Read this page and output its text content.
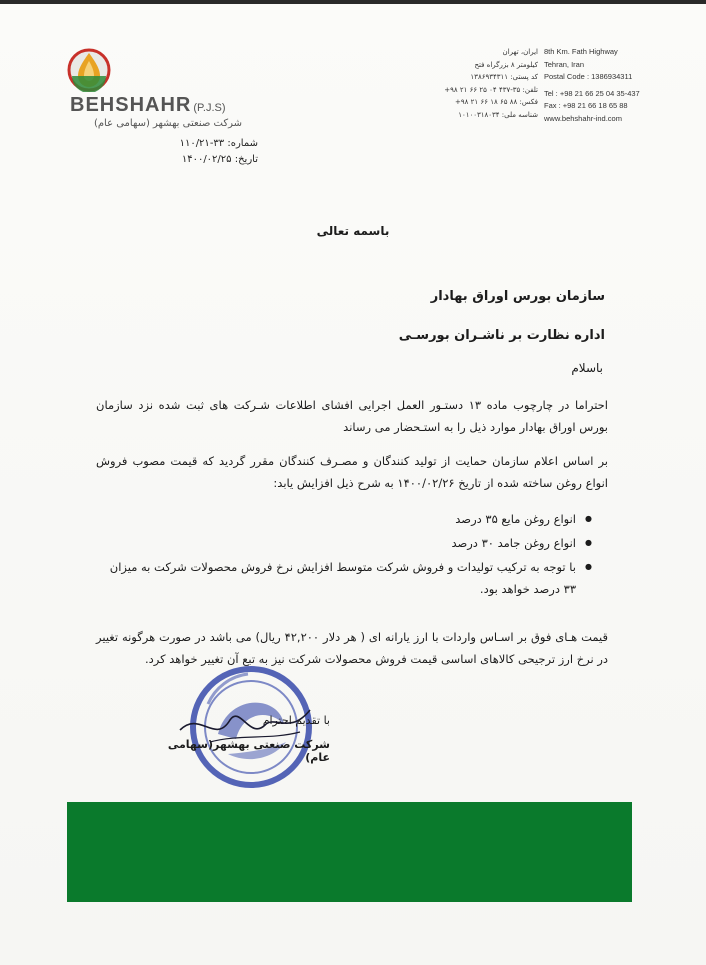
BEHSHAHR (P.J.S)
شرکت صنعتی بهشهر (سهامی عام)
شماره: ۳۳-۱۱۰/۲۱
تاریخ: ۱۴۰۰/۰۲/۲۵
ایران، تهران
کیلومتر ۸ بزرگراه فتح
کد پستی: ۱۳۸۶۹۳۴۳۱۱
تلفن: ۳۵-۴۳۷ ۰۴ ۲۵ ۶۶ ۲۱ ۹۸+
فکس: ۸۸ ۶۵ ۱۸ ۶۶ ۲۱ ۹۸+
شناسه ملی: ۱۰۱۰۰۳۱۸۰۳۴
8th Km. Fath Highway
Tehran, Iran
Postal Code : 1386934311
Tel : +98 21 66 25 04 35-437
Fax : +98 21 66 18 65 88
www.behshahr-ind.com
باسمه تعالی
سازمان بورس اوراق بهادار
اداره نظارت بر ناشـران بورسـی
باسلام
احتراما در چارچوب ماده ۱۳ دستـور العمل اجرایی افشای اطلاعات شـرکت های ثبت شده نزد سازمان بورس اوراق بهادار موارد ذیل را به استـحضار می رساند
بر اساس اعلام سازمان حمایت از تولید کنندگان و مصـرف کنندگان مقرر گردید که قیمت مصوب فروش انواع روغن ساخته شده از تاریخ ۱۴۰۰/۰۲/۲۶ به شرح ذیل افزایش یابد:
● انواع روغن مایع ۳۵ درصد
● انواع روغن جامد ۳۰ درصد
● با توجه به ترکیب تولیدات و فروش شرکت متوسط افزایش نرخ فروش محصولات شرکت به میزان ۳۳ درصد خواهد بود.
قیمت هـای فوق بر اسـاس واردات با ارز یارانه ای ( هر دلار ۴۲,۲۰۰ ریال) می باشد در صورت هرگونه تغییر در نرخ ارز ترجیحی کالاهای اساسی قیمت فروش محصولات شرکت نیز به تبع آن تغییر خواهد کرد.
با تقدیم احترام
شرکت صنعتی بهشهر(سهامی عام)
